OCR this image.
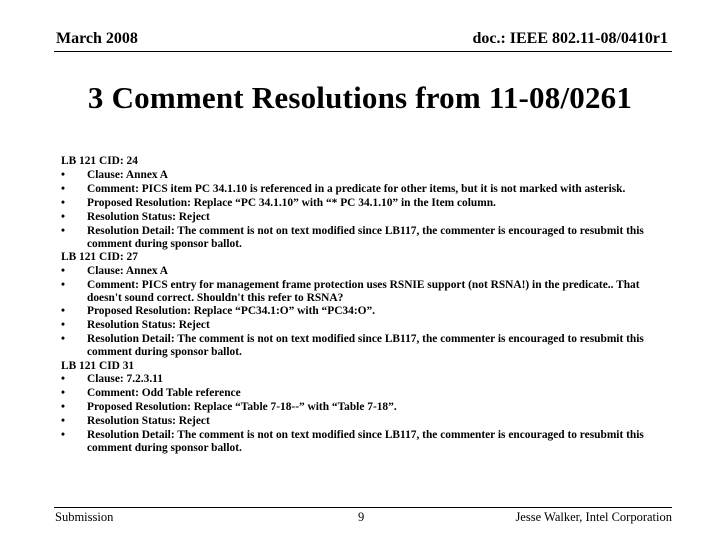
March 2008	doc.: IEEE 802.11-08/0410r1
3 Comment Resolutions from 11-08/0261
LB 121 CID: 24
• Clause: Annex A
• Comment: PICS item PC 34.1.10 is referenced in a predicate for other items, but it is not marked with asterisk.
• Proposed Resolution: Replace “PC 34.1.10” with “* PC 34.1.10” in the Item column.
• Resolution Status: Reject
• Resolution Detail: The comment is not on text modified since LB117, the commenter is encouraged to resubmit this comment during sponsor ballot.
LB 121 CID: 27
• Clause: Annex A
• Comment: PICS entry for management frame protection uses RSNIE support (not RSNA!) in the predicate.. That doesn't sound correct. Shouldn't this refer to RSNA?
• Proposed Resolution: Replace “PC34.1:O” with “PC34:O”.
• Resolution Status: Reject
• Resolution Detail: The comment is not on text modified since LB117, the commenter is encouraged to resubmit this comment during sponsor ballot.
LB 121 CID 31
• Clause: 7.2.3.11
• Comment: Odd Table reference
• Proposed Resolution: Replace “Table 7-18--” with “Table 7-18”.
• Resolution Status: Reject
• Resolution Detail: The comment is not on text modified since LB117, the commenter is encouraged to resubmit this comment during sponsor ballot.
Submission	9	Jesse Walker, Intel Corporation
